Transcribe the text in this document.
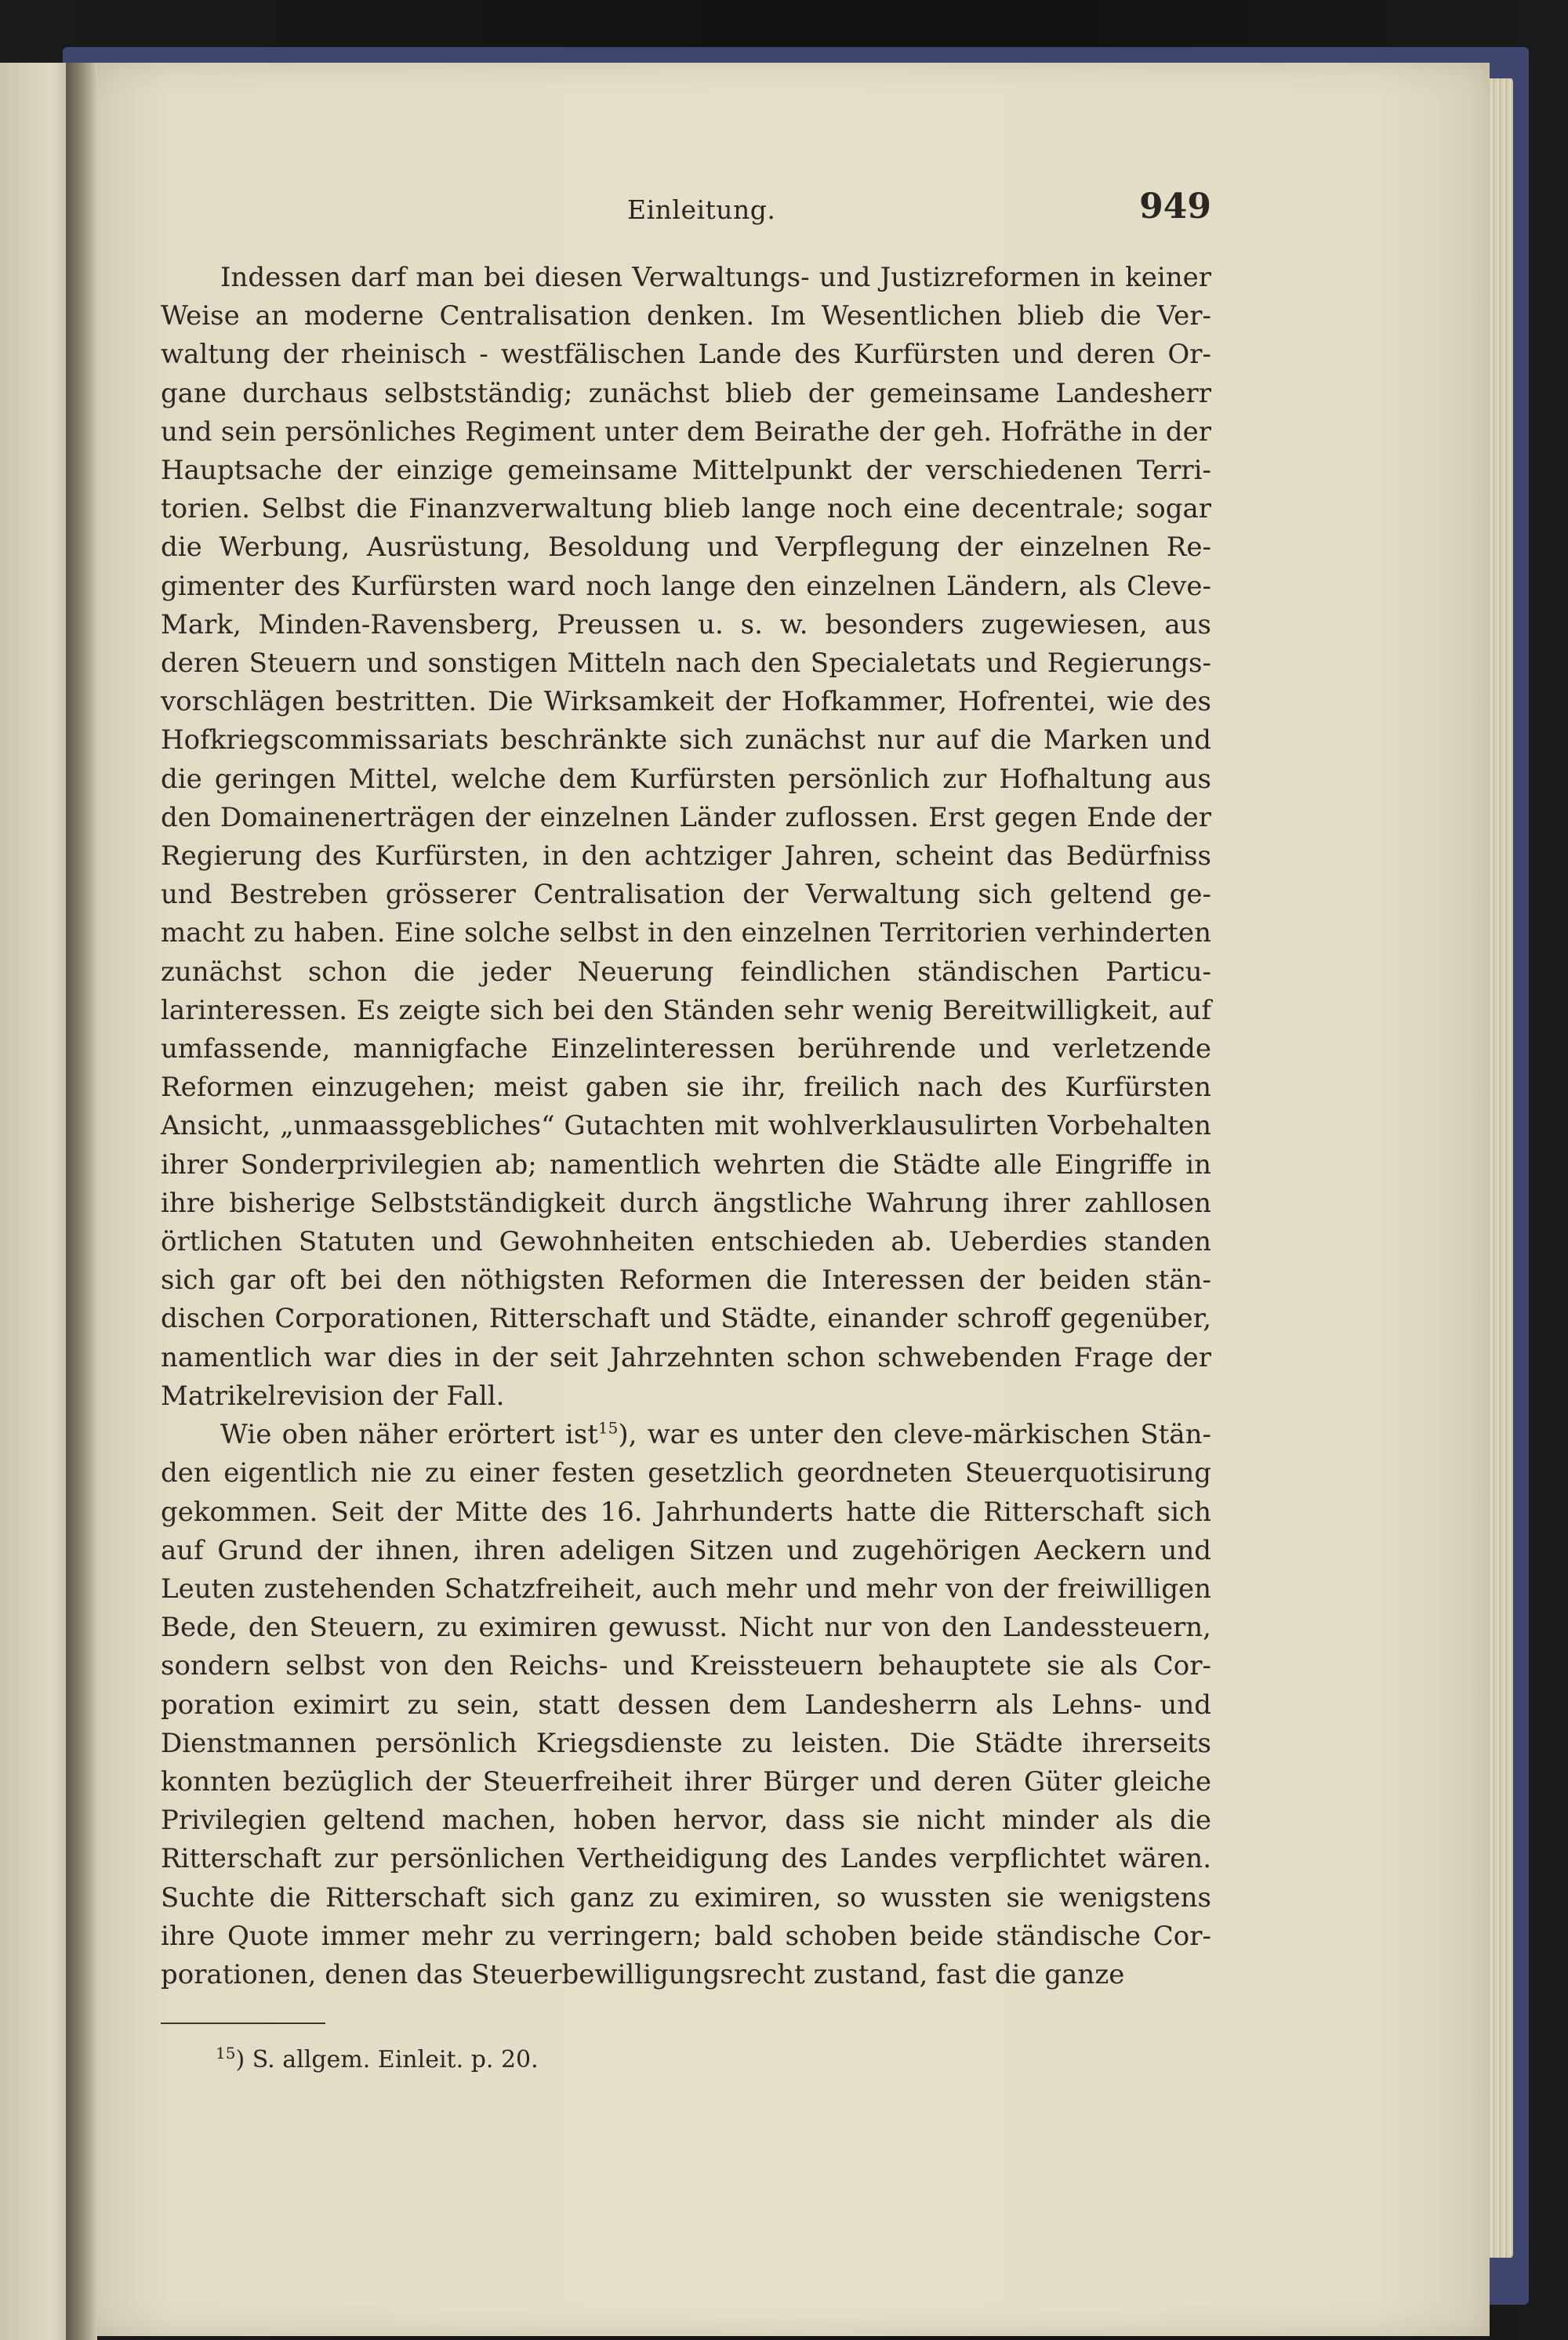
Einleitung.	949

Indessen darf man bei diesen Verwaltungs- und Justizreformen in keiner Weise an moderne Centralisation denken. Im Wesentlichen blieb die Verwaltung der rheinisch - westfälischen Lande des Kurfürsten und deren Organe durchaus selbstständig; zunächst blieb der gemeinsame Landesherr und sein persönliches Regiment unter dem Beirathe der geh. Hofräthe in der Hauptsache der einzige gemeinsame Mittelpunkt der verschiedenen Territorien. Selbst die Finanzverwaltung blieb lange noch eine decentrale; sogar die Werbung, Ausrüstung, Besoldung und Verpflegung der einzelnen Regimenter des Kurfürsten ward noch lange den einzelnen Ländern, als Cleve-Mark, Minden-Ravensberg, Preussen u. s. w. besonders zugewiesen, aus deren Steuern und sonstigen Mitteln nach den Specialetats und Regierungsvorschlägen bestritten. Die Wirksamkeit der Hofkammer, Hofrentei, wie des Hofkriegscommissariats beschränkte sich zunächst nur auf die Marken und die geringen Mittel, welche dem Kurfürsten persönlich zur Hofhaltung aus den Domainenerträgen der einzelnen Länder zuflossen. Erst gegen Ende der Regierung des Kurfürsten, in den achtziger Jahren, scheint das Bedürfniss und Bestreben grösserer Centralisation der Verwaltung sich geltend gemacht zu haben. Eine solche selbst in den einzelnen Territorien verhinderten zunächst schon die jeder Neuerung feindlichen ständischen Particularinteressen. Es zeigte sich bei den Ständen sehr wenig Bereitwilligkeit, auf umfassende, mannigfache Einzelinteressen berührende und verletzende Reformen einzugehen; meist gaben sie ihr, freilich nach des Kurfürsten Ansicht, „unmaassgebliches“ Gutachten mit wohlverklausulirten Vorbehalten ihrer Sonderprivilegien ab; namentlich wehrten die Städte alle Eingriffe in ihre bisherige Selbstständigkeit durch ängstliche Wahrung ihrer zahllosen örtlichen Statuten und Gewohnheiten entschieden ab. Ueberdies standen sich gar oft bei den nöthigsten Reformen die Interessen der beiden ständischen Corporationen, Ritterschaft und Städte, einander schroff gegenüber, namentlich war dies in der seit Jahrzehnten schon schwebenden Frage der Matrikelrevision der Fall.

Wie oben näher erörtert ist$^{15}$), war es unter den cleve-märkischen Ständen eigentlich nie zu einer festen gesetzlich geordneten Steuerquotisirung gekommen. Seit der Mitte des 16. Jahrhunderts hatte die Ritterschaft sich auf Grund der ihnen, ihren adeligen Sitzen und zugehörigen Aeckern und Leuten zustehenden Schatzfreiheit, auch mehr und mehr von der freiwilligen Bede, den Steuern, zu eximiren gewusst. Nicht nur von den Landessteuern, sondern selbst von den Reichs- und Kreissteuern behauptete sie als Corporation eximirt zu sein, statt dessen dem Landesherrn als Lehns- und Dienstmannen persönlich Kriegsdienste zu leisten. Die Städte ihrerseits konnten bezüglich der Steuerfreiheit ihrer Bürger und deren Güter gleiche Privilegien geltend machen, hoben hervor, dass sie nicht minder als die Ritterschaft zur persönlichen Vertheidigung des Landes verpflichtet wären. Suchte die Ritterschaft sich ganz zu eximiren, so wussten sie wenigstens ihre Quote immer mehr zu verringern; bald schoben beide ständische Corporationen, denen das Steuerbewilligungsrecht zustand, fast die ganze

$^{15}$) S. allgem. Einleit. p. 20.
